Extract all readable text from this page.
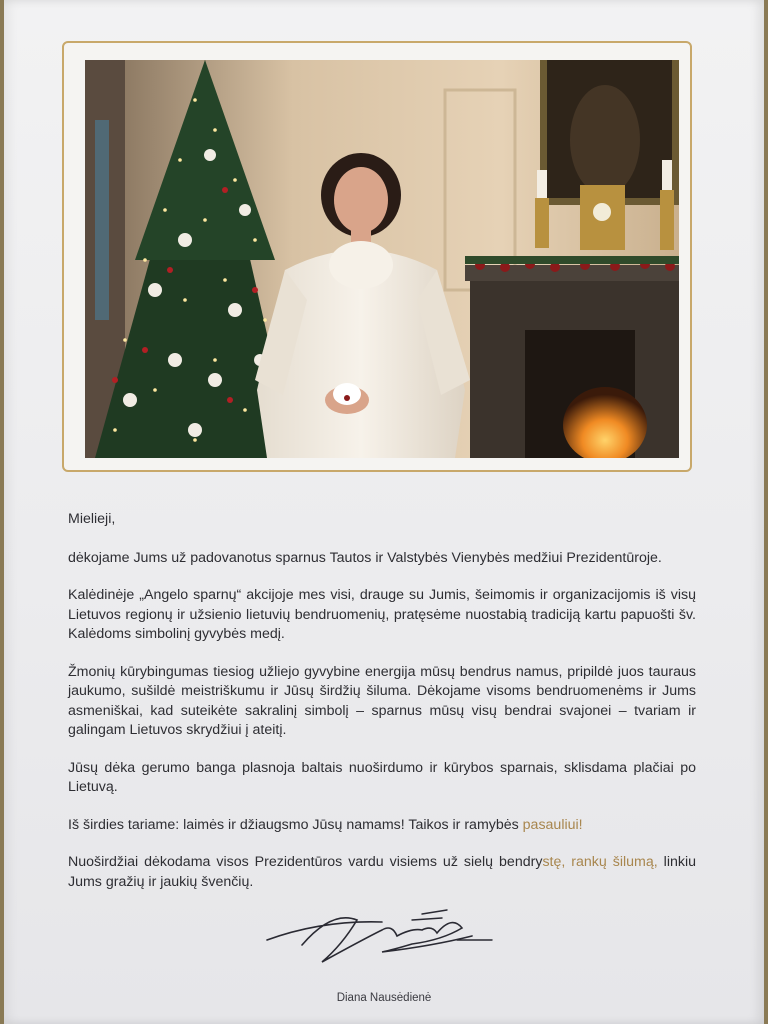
Mielieji,

dėkojame Jums už padovanotus sparnus Tautos ir Valstybės Vienybės medžiui Prezidentūroje.

Kalėdinėje „Angelo sparnų“ akcijoje mes visi, drauge su Jumis, šeimomis ir organizacijomis iš visų Lietuvos regionų ir užsienio lietuvių bendruomenių, pratęsėme nuostabią tradiciją kartu papuošti šv. Kalėdoms simbolinį gyvybės medį.

Žmonių kūrybingumas tiesiog užliejo gyvybine energija mūsų bendrus namus, pripildė juos tauraus jaukumo, sušildė meistriškumu ir Jūsų širdžių šiluma. Dėkojame visoms bendruomenėms ir Jums asmeniškai, kad suteikėte sakralinį simbolį – sparnus mūsų visų bendrai svajonei – tvariam ir galingam Lietuvos skrydžiui į ateitį.

Jūsų dėka gerumo banga plasnoja baltais nuoširdumo ir kūrybos sparnais, sklisdama plačiai po Lietuvą.

Iš širdies tariame: laimės ir džiaugsmo Jūsų namams! Taikos ir ramybės pasauliui!

Nuoširdžiai dėkodama visos Prezidentūros vardu visiems už sielų bendrystę, rankų šilumą, linkiu Jums gražių ir jaukių švenčių.

Diana Nausėdienė
